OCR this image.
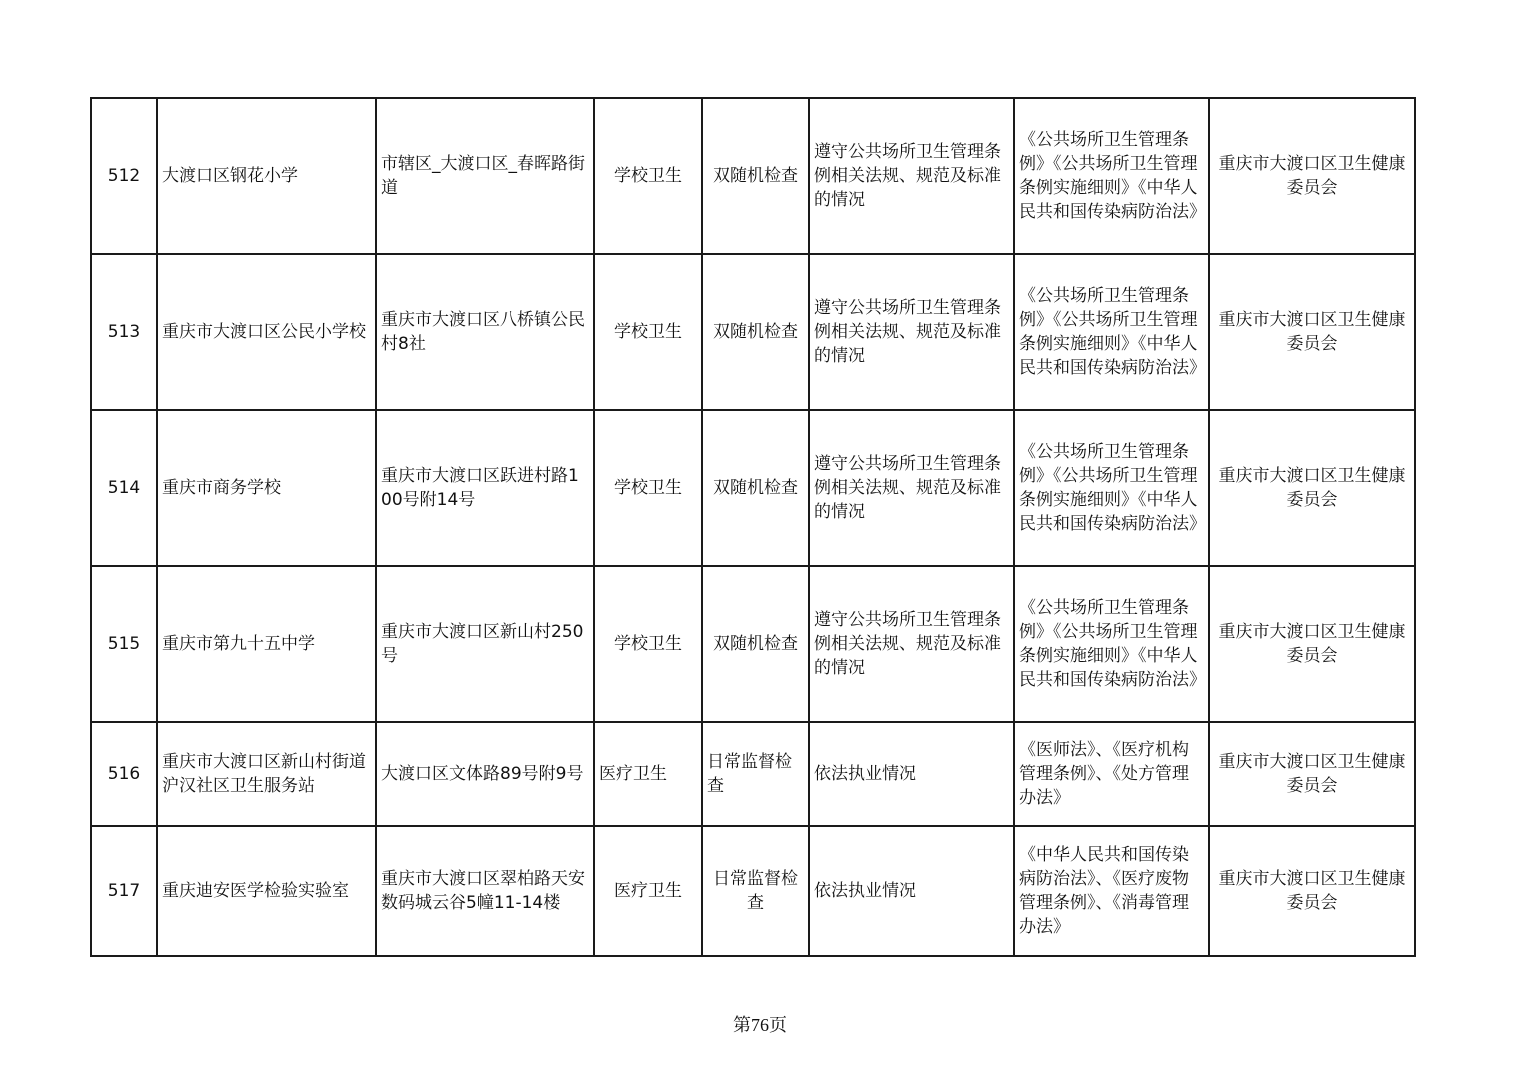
512	大渡口区钢花小学	市辖区_大渡口区_春晖路街道	学校卫生	双随机检查	遵守公共场所卫生管理条例相关法规、规范及标准的情况	《公共场所卫生管理条例》《公共场所卫生管理条例实施细则》《中华人民共和国传染病防治法》	重庆市大渡口区卫生健康委员会
513	重庆市大渡口区公民小学校	重庆市大渡口区八桥镇公民村8社	学校卫生	双随机检查	遵守公共场所卫生管理条例相关法规、规范及标准的情况	《公共场所卫生管理条例》《公共场所卫生管理条例实施细则》《中华人民共和国传染病防治法》	重庆市大渡口区卫生健康委员会
514	重庆市商务学校	重庆市大渡口区跃进村路100号附14号	学校卫生	双随机检查	遵守公共场所卫生管理条例相关法规、规范及标准的情况	《公共场所卫生管理条例》《公共场所卫生管理条例实施细则》《中华人民共和国传染病防治法》	重庆市大渡口区卫生健康委员会
515	重庆市第九十五中学	重庆市大渡口区新山村250号	学校卫生	双随机检查	遵守公共场所卫生管理条例相关法规、规范及标准的情况	《公共场所卫生管理条例》《公共场所卫生管理条例实施细则》《中华人民共和国传染病防治法》	重庆市大渡口区卫生健康委员会
516	重庆市大渡口区新山村街道沪汉社区卫生服务站	大渡口区文体路89号附9号	医疗卫生	日常监督检查	依法执业情况	《医师法》、《医疗机构管理条例》、《处方管理办法》	重庆市大渡口区卫生健康委员会
517	重庆迪安医学检验实验室	重庆市大渡口区翠柏路天安数码城云谷5幢11-14楼	医疗卫生	日常监督检查	依法执业情况	《中华人民共和国传染病防治法》、《医疗废物管理条例》、《消毒管理办法》	重庆市大渡口区卫生健康委员会
第76页
